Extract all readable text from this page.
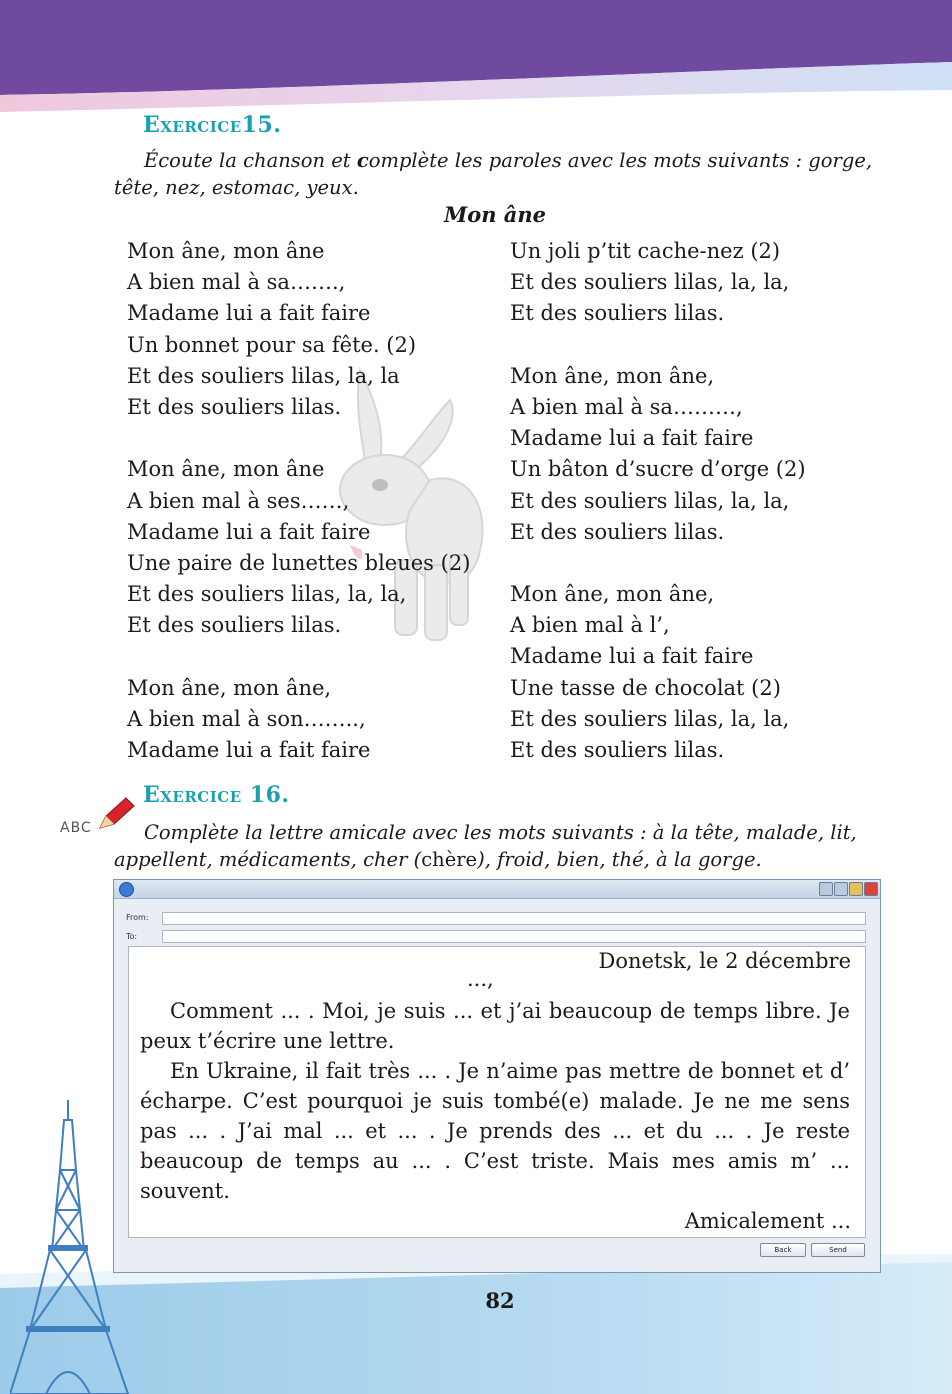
Exercice15.
Écoute la chanson et complète les paroles avec les mots suivants : gorge, tête, nez, estomac, yeux.
Mon âne
Mon âne, mon âne
A bien mal à sa…….,
Madame lui a fait faire
Un bonnet pour sa fête. (2)
Et des souliers lilas, la, la
Et des souliers lilas.
Mon âne, mon âne
A bien mal à ses……,
Madame lui a fait faire
Une paire de lunettes bleues (2)
Et des souliers lilas, la, la,
Et des souliers lilas.
Mon âne, mon âne,
A bien mal à son……..,
Madame lui a fait faire
Un joli p’tit cache-nez (2)
Et des souliers lilas, la, la,
Et des souliers lilas.
Mon âne, mon âne,
A bien mal à sa………,
Madame lui a fait faire
Un bâton d’sucre d’orge (2)
Et des souliers lilas, la, la,
Et des souliers lilas.
Mon âne, mon âne,
A bien mal à l’,
Madame lui a fait faire
Une tasse de chocolat (2)
Et des souliers lilas, la, la,
Et des souliers lilas.
ABC
Exercice 16.
Complète la lettre amicale avec les mots suivants : à la tête, malade, lit, appellent, médicaments, cher (chère), froid, bien, thé, à la gorge.
From:
To:
Donetsk, le 2 décembre
...,
Comment ... . Moi, je suis ... et j’ai beaucoup de temps libre. Je peux t’écrire une lettre.
En Ukraine, il fait très ... . Je n’aime pas mettre de bonnet et d’ écharpe. C’est pourquoi je suis tombé(e) malade. Je ne me sens pas ... . J’ai mal ... et ... . Je prends des ... et du ... . Je reste beaucoup de temps au ... . C’est triste. Mais mes amis m’ ... souvent.
Amicalement ...
Back	Send
82
